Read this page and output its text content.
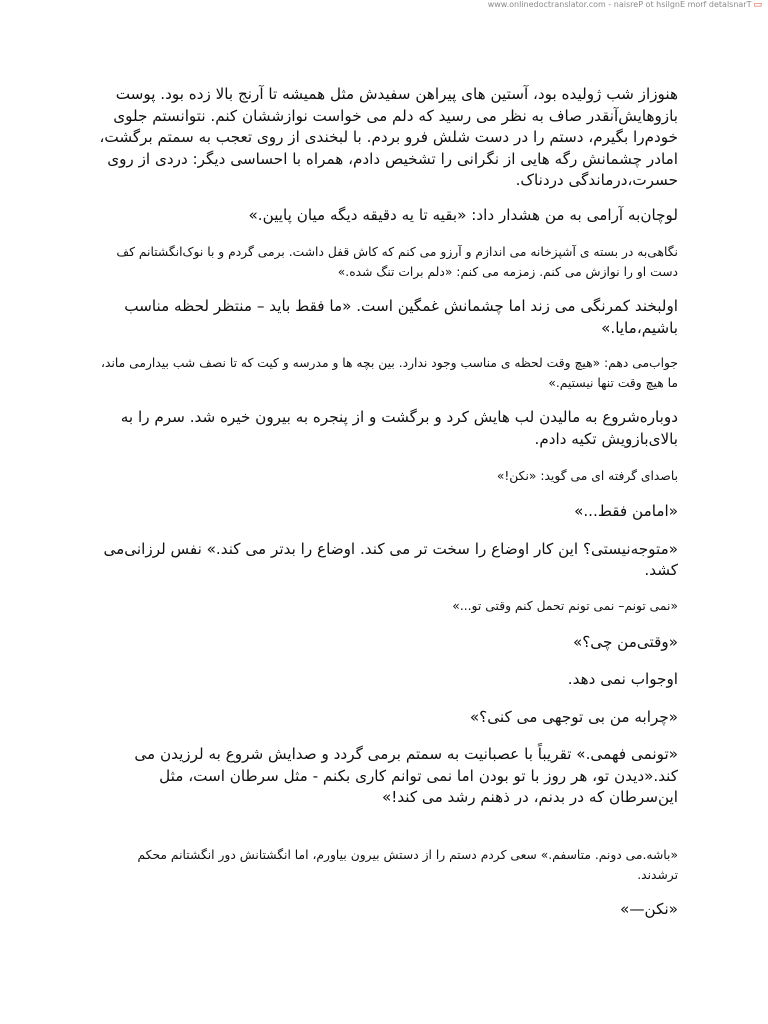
www.onlinedoctranslator.com - naisreP ot hsilgnE morf detalsnarT ▭

هنوزاز شب ژولیده بود، آستین های پیراهن سفیدش مثل همیشه تا آرنج بالا زده بود. پوست بازوهایش‌آنقدر صاف به نظر می رسید که دلم می خواست نوازششان کنم. نتوانستم جلوی خودم‌را بگیرم، دستم را در دست شلش فرو بردم. با لبخندی از روی تعجب به سمتم برگشت، امادر چشمانش رگه هایی از نگرانی را تشخیص دادم، همراه با احساسی دیگر: دردی از روی حسرت،درماندگی دردناک.

لوچان‌به آرامی به من هشدار داد: «بقیه تا یه دقیقه دیگه میان پایین.»

نگاهی‌به در بسته ی آشپزخانه می اندازم و آرزو می کنم که کاش قفل داشت. برمی گردم و با نوک‌انگشتانم کف دست او را نوازش می کنم. زمزمه می کنم: «دلم برات تنگ شده.»

اولبخند کمرنگی می زند اما چشمانش غمگین است. «ما فقط باید – منتظر لحظه مناسب باشیم،مایا.»

جواب‌می دهم: «هیچ وقت لحظه ی مناسب وجود ندارد. بین بچه ها و مدرسه و کیت که تا نصف شب بیدارمی ماند، ما هیچ وقت تنها نیستیم.»

دوباره‌شروع به مالیدن لب هایش کرد و برگشت و از پنجره به بیرون خیره شد. سرم را به بالای‌بازویش تکیه دادم.

باصدای گرفته ای می گوید: «نکن!»

«امامن فقط...»

«متوجه‌نیستی؟ این کار اوضاع را سخت تر می کند. اوضاع را بدتر می کند.» نفس لرزانی‌می کشد.

«نمی تونم– نمی تونم تحمل کنم وقتی تو...»

«وقتی‌من چی؟»

اوجواب نمی دهد.

«چرابه من بی توجهی می کنی؟»

«تونمی فهمی.» تقریباً با عصبانیت به سمتم برمی گردد و صدایش شروع به لرزیدن می کند.«دیدن تو، هر روز با تو بودن اما نمی توانم کاری بکنم - مثل سرطان است، مثل این‌سرطان که در بدنم، در ذهنم رشد می کند!»

«باشه.می دونم. متاسفم.» سعی کردم دستم را از دستش بیرون بیاورم، اما انگشتانش دور انگشتانم محکم ترشدند.

«نکن—»
